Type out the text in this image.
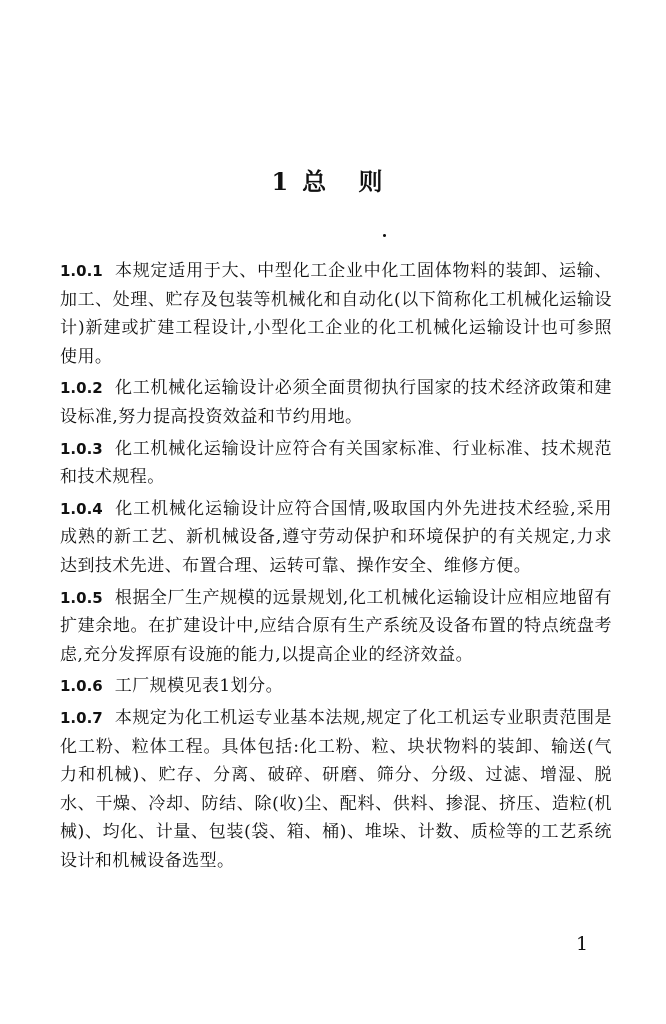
1 总 则

1.0.1 本规定适用于大、中型化工企业中化工固体物料的装卸、运输、加工、处理、贮存及包装等机械化和自动化(以下简称化工机械化运输设计)新建或扩建工程设计,小型化工企业的化工机械化运输设计也可参照使用。

1.0.2 化工机械化运输设计必须全面贯彻执行国家的技术经济政策和建设标准,努力提高投资效益和节约用地。

1.0.3 化工机械化运输设计应符合有关国家标准、行业标准、技术规范和技术规程。

1.0.4 化工机械化运输设计应符合国情,吸取国内外先进技术经验,采用成熟的新工艺、新机械设备,遵守劳动保护和环境保护的有关规定,力求达到技术先进、布置合理、运转可靠、操作安全、维修方便。

1.0.5 根据全厂生产规模的远景规划,化工机械化运输设计应相应地留有扩建余地。在扩建设计中,应结合原有生产系统及设备布置的特点统盘考虑,充分发挥原有设施的能力,以提高企业的经济效益。

1.0.6 工厂规模见表1划分。

1.0.7 本规定为化工机运专业基本法规,规定了化工机运专业职责范围是化工粉、粒体工程。具体包括:化工粉、粒、块状物料的装卸、输送(气力和机械)、贮存、分离、破碎、研磨、筛分、分级、过滤、增湿、脱水、干燥、冷却、防结、除(收)尘、配料、供料、掺混、挤压、造粒(机械)、均化、计量、包装(袋、箱、桶)、堆垛、计数、质检等的工艺系统设计和机械设备选型。

1
